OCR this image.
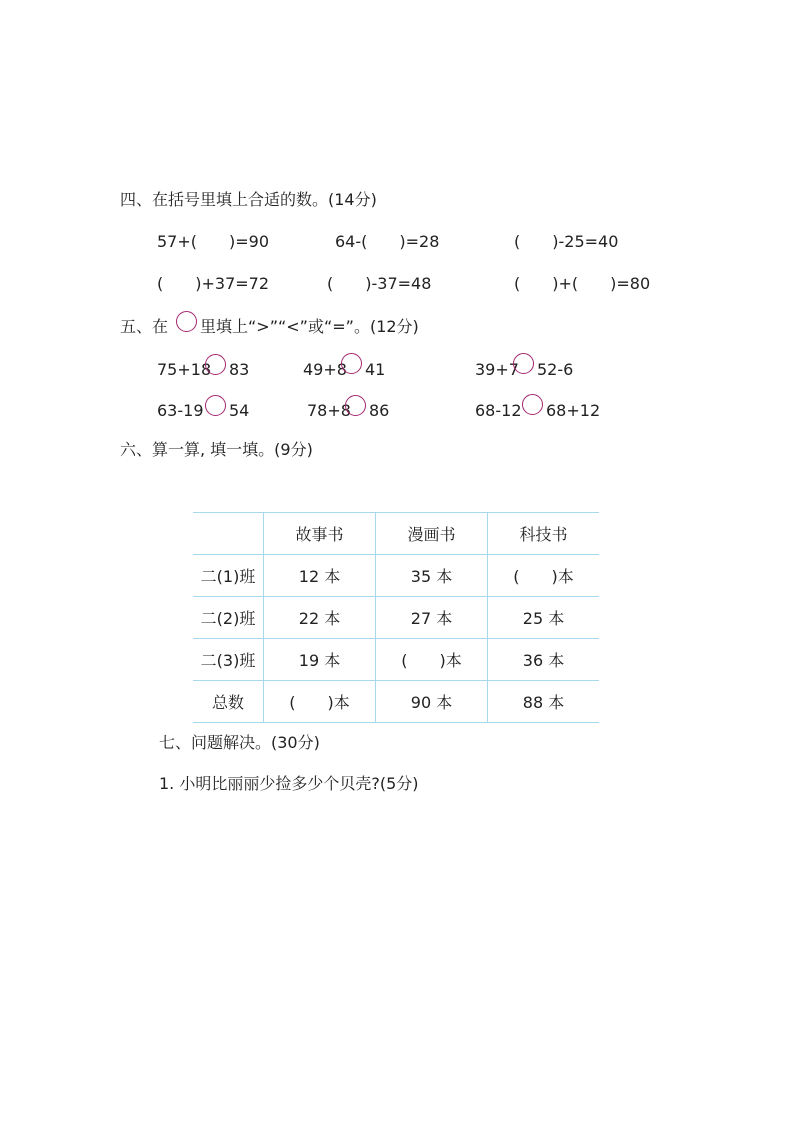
四、在括号里填上合适的数。(14分)
57+(　　)=90	64-(　　)=28	(　　)-25=40
(　　)+37=72	(　　)-37=48	(　　)+(　　)=80
五、在 里填上“>”“<”或“=”。(12分)
75+18 83	49+8 41	39+7 52-6
63-19 54	78+8 86	68-12 68+12
六、算一算, 填一填。(9分)
	故事书	漫画书	科技书
二(1)班	12 本	35 本	(　　)本
二(2)班	22 本	27 本	25 本
二(3)班	19 本	(　　)本	36 本
总数	(　　)本	90 本	88 本
七、问题解决。(30分)
1. 小明比丽丽少捡多少个贝壳?(5分)
